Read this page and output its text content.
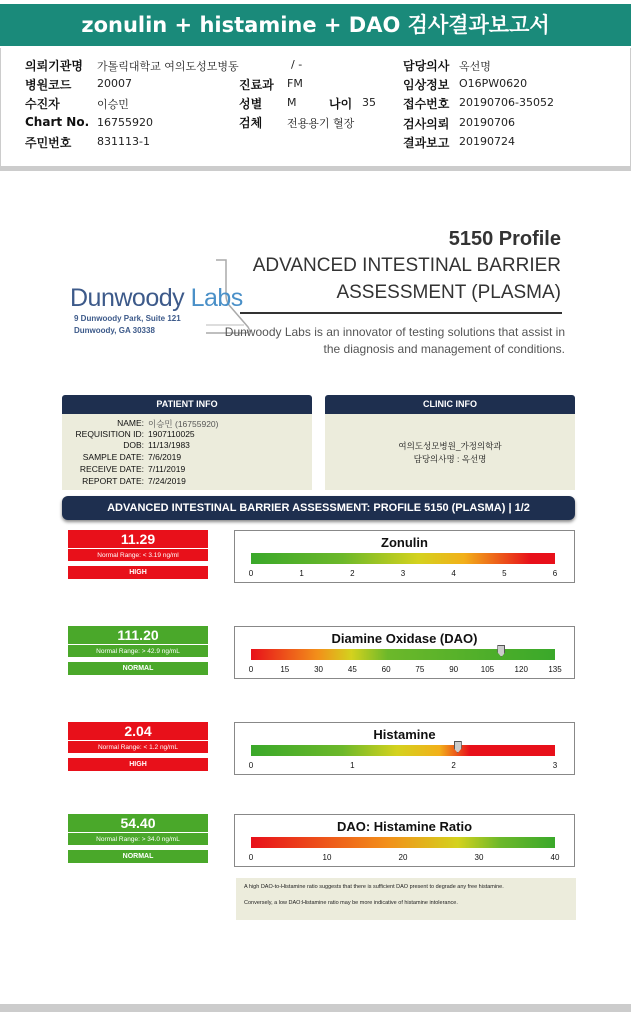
zonulin + histamine + DAO 검사결과보고서
의뢰기관명 가톨릭대학교 여의도성모병동	/ -
병원코드 20007
수진자	이승민
Chart No. 16755920
주민번호 831113-1
진료과 FM
성별 M	나이 35
검체 전용용기 혈장
담당의사 옥선명
임상정보 O16PW0620
접수번호 20190706-35052
검사의뢰 20190706
결과보고 20190724
Dunwoody Labs
9 Dunwoody Park, Suite 121
Dunwoody, GA 30338
5150 Profile
ADVANCED INTESTINAL BARRIER
ASSESSMENT (PLASMA)
Dunwoody Labs is an innovator of testing solutions that assist in
the diagnosis and management of conditions.
PATIENT INFO
NAME: 이승민 (16755920)
REQUISITION ID: 1907110025
DOB: 11/13/1983
SAMPLE DATE: 7/6/2019
RECEIVE DATE: 7/11/2019
REPORT DATE: 7/24/2019
CLINIC INFO
여의도성모병원_가정의학과
담당의사명 : 옥선명
ADVANCED INTESTINAL BARRIER ASSESSMENT: PROFILE 5150 (PLASMA) | 1/2
11.29
Normal Range: < 3.19 ng/ml
HIGH
Zonulin
0	1	2	3	4	5	6
111.20
Normal Range: > 42.9 ng/mL
NORMAL
Diamine Oxidase (DAO)
0	15	30	45	60	75	90	105	120	135
2.04
Normal Range: < 1.2 ng/mL
HIGH
Histamine
0	1	2	3
54.40
Normal Range: > 34.0 ng/mL
NORMAL
DAO: Histamine Ratio
0	10	20	30	40
A high DAO-to-Histamine ratio suggests that there is sufficient DAO present to degrade any free histamine.
Conversely, a low DAO:Histamine ratio may be more indicative of histamine intolerance.
